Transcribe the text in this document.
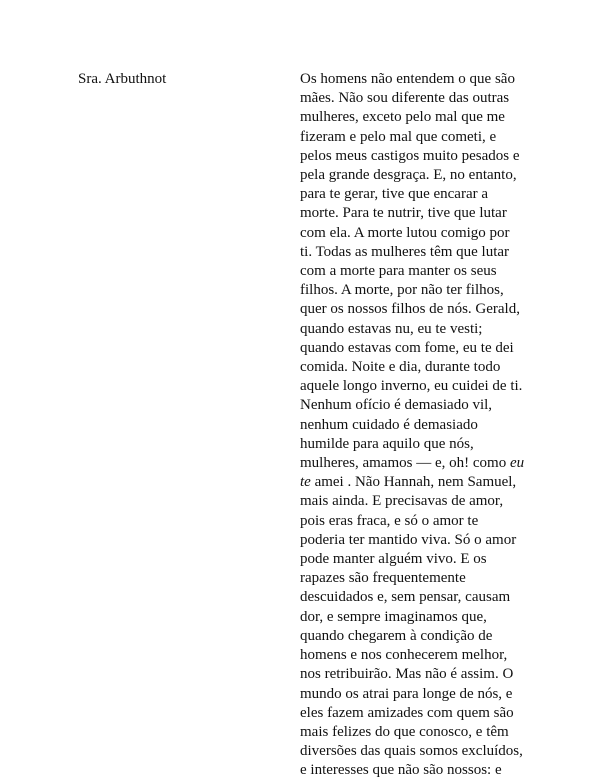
Sra. Arbuthnot	Os homens não entendem o que são
mães. Não sou diferente das outras
mulheres, exceto pelo mal que me
fizeram e pelo mal que cometi, e
pelos meus castigos muito pesados e
pela grande desgraça. E, no entanto,
para te gerar, tive que encarar a
morte. Para te nutrir, tive que lutar
com ela. A morte lutou comigo por
ti. Todas as mulheres têm que lutar
com a morte para manter os seus
filhos. A morte, por não ter filhos,
quer os nossos filhos de nós. Gerald,
quando estavas nu, eu te vesti;
quando estavas com fome, eu te dei
comida. Noite e dia, durante todo
aquele longo inverno, eu cuidei de ti.
Nenhum ofício é demasiado vil,
nenhum cuidado é demasiado
humilde para aquilo que nós,
mulheres, amamos — e, oh! como eu
te amei . Não Hannah, nem Samuel,
mais ainda. E precisavas de amor,
pois eras fraca, e só o amor te
poderia ter mantido viva. Só o amor
pode manter alguém vivo. E os
rapazes são frequentemente
descuidados e, sem pensar, causam
dor, e sempre imaginamos que,
quando chegarem à condição de
homens e nos conhecerem melhor,
nos retribuirão. Mas não é assim. O
mundo os atrai para longe de nós, e
eles fazem amizades com quem são
mais felizes do que conosco, e têm
diversões das quais somos excluídos,
e interesses que não são nossos: e
